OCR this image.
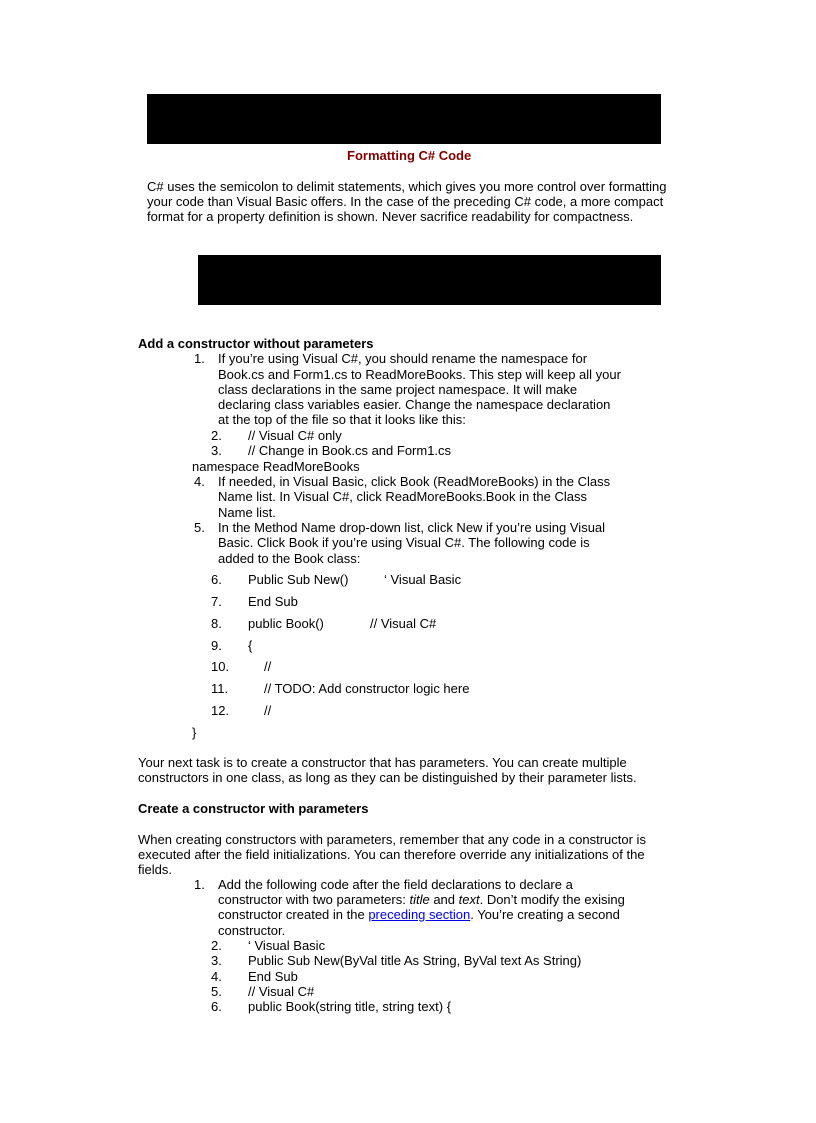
Formatting C# Code
C# uses the semicolon to delimit statements, which gives you more control over formatting your code than Visual Basic offers. In the case of the preceding C# code, a more compact format for a property definition is shown. Never sacrifice readability for compactness.
Add a constructor without parameters
1. If you’re using Visual C#, you should rename the namespace for
Book.cs and Form1.cs to ReadMoreBooks. This step will keep all your
class declarations in the same project namespace. It will make
declaring class variables easier. Change the namespace declaration
at the top of the file so that it looks like this:
2. // Visual C# only
3. // Change in Book.cs and Form1.cs
namespace ReadMoreBooks
4. If needed, in Visual Basic, click Book (ReadMoreBooks) in the Class
Name list. In Visual C#, click ReadMoreBooks.Book in the Class
Name list.
5. In the Method Name drop-down list, click New if you’re using Visual
Basic. Click Book if you’re using Visual C#. The following code is
added to the Book class:
6. Public Sub New()	‘ Visual Basic
7. End Sub
8. public Book()	// Visual C#
9. {
10.	//
11.	// TODO: Add constructor logic here
12.	//
}
Your next task is to create a constructor that has parameters. You can create multiple constructors in one class, as long as they can be distinguished by their parameter lists.
Create a constructor with parameters
When creating constructors with parameters, remember that any code in a constructor is executed after the field initializations. You can therefore override any initializations of the fields.
1. Add the following code after the field declarations to declare a
constructor with two parameters: title and text. Don’t modify the exising
constructor created in the preceding section. You’re creating a second
constructor.
2. ‘ Visual Basic
3. Public Sub New(ByVal title As String, ByVal text As String)
4. End Sub
5. // Visual C#
6. public Book(string title, string text) {
